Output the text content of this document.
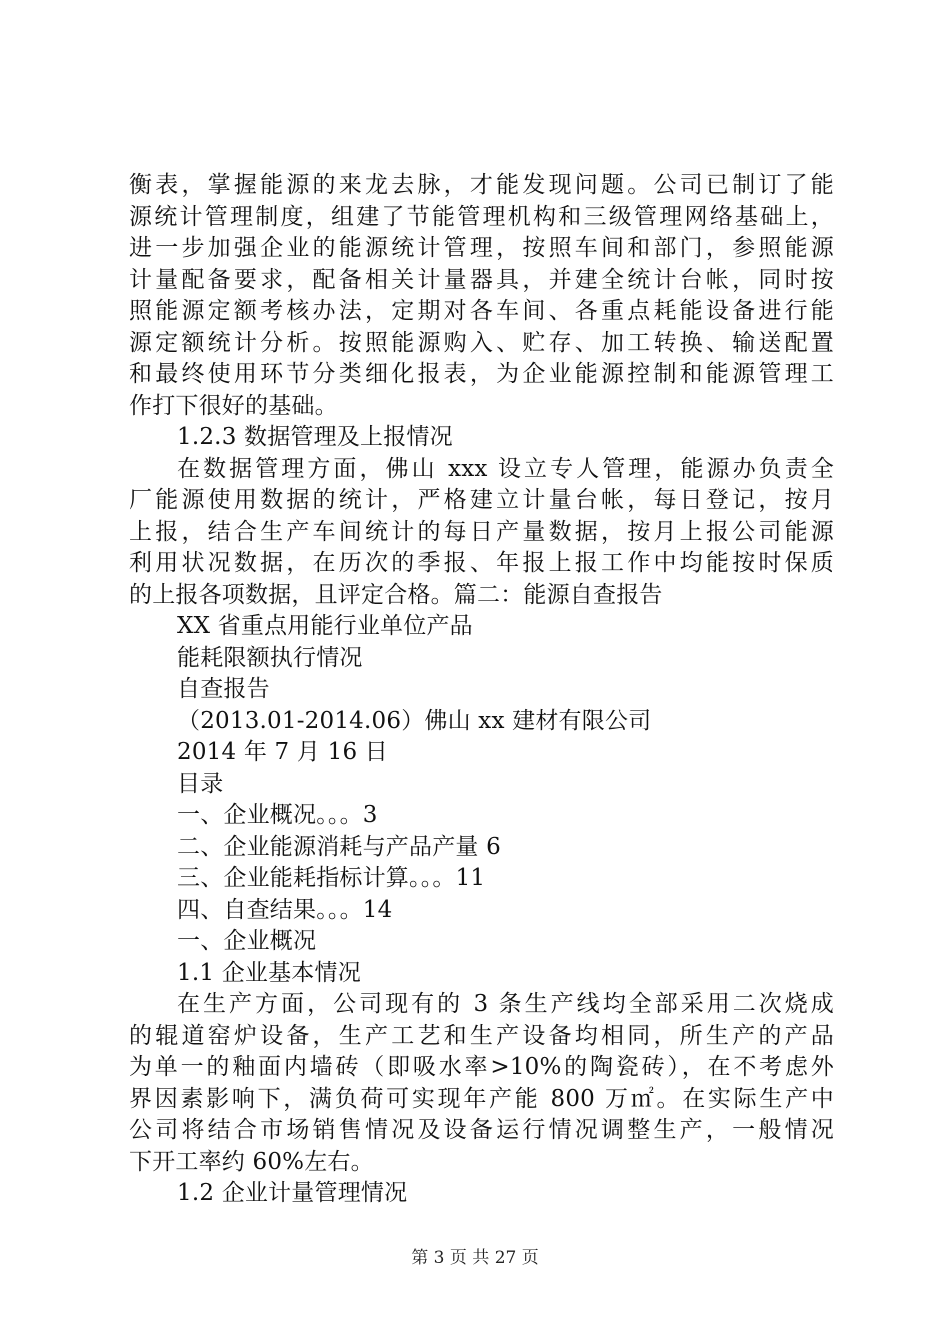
衡表，掌握能源的来龙去脉，才能发现问题。公司已制订了能
源统计管理制度，组建了节能管理机构和三级管理网络基础上，
进一步加强企业的能源统计管理，按照车间和部门，参照能源
计量配备要求，配备相关计量器具，并建全统计台帐，同时按
照能源定额考核办法，定期对各车间、各重点耗能设备进行能
源定额统计分析。按照能源购入、贮存、加工转换、输送配置
和最终使用环节分类细化报表，为企业能源控制和能源管理工
作打下很好的基础。
1.2.3 数据管理及上报情况
在数据管理方面，佛山 xxx 设立专人管理，能源办负责全
厂能源使用数据的统计，严格建立计量台帐，每日登记，按月
上报，结合生产车间统计的每日产量数据，按月上报公司能源
利用状况数据，在历次的季报、年报上报工作中均能按时保质
的上报各项数据，且评定合格。篇二：能源自查报告
XX 省重点用能行业单位产品
能耗限额执行情况
自查报告
（2013.01-2014.06）佛山 xx 建材有限公司
2014 年 7 月 16 日
目录
一、企业概况。。。3
二、企业能源消耗与产品产量 6
三、企业能耗指标计算。。。11
四、自查结果。。。14
一、企业概况
1.1 企业基本情况
在生产方面，公司现有的 3 条生产线均全部采用二次烧成
的辊道窑炉设备，生产工艺和生产设备均相同，所生产的产品
为单一的釉面内墙砖（即吸水率>10%的陶瓷砖），在不考虑外
界因素影响下，满负荷可实现年产能 800 万㎡。在实际生产中
公司将结合市场销售情况及设备运行情况调整生产，一般情况
下开工率约 60%左右。
1.2 企业计量管理情况
第 3 页 共 27 页
